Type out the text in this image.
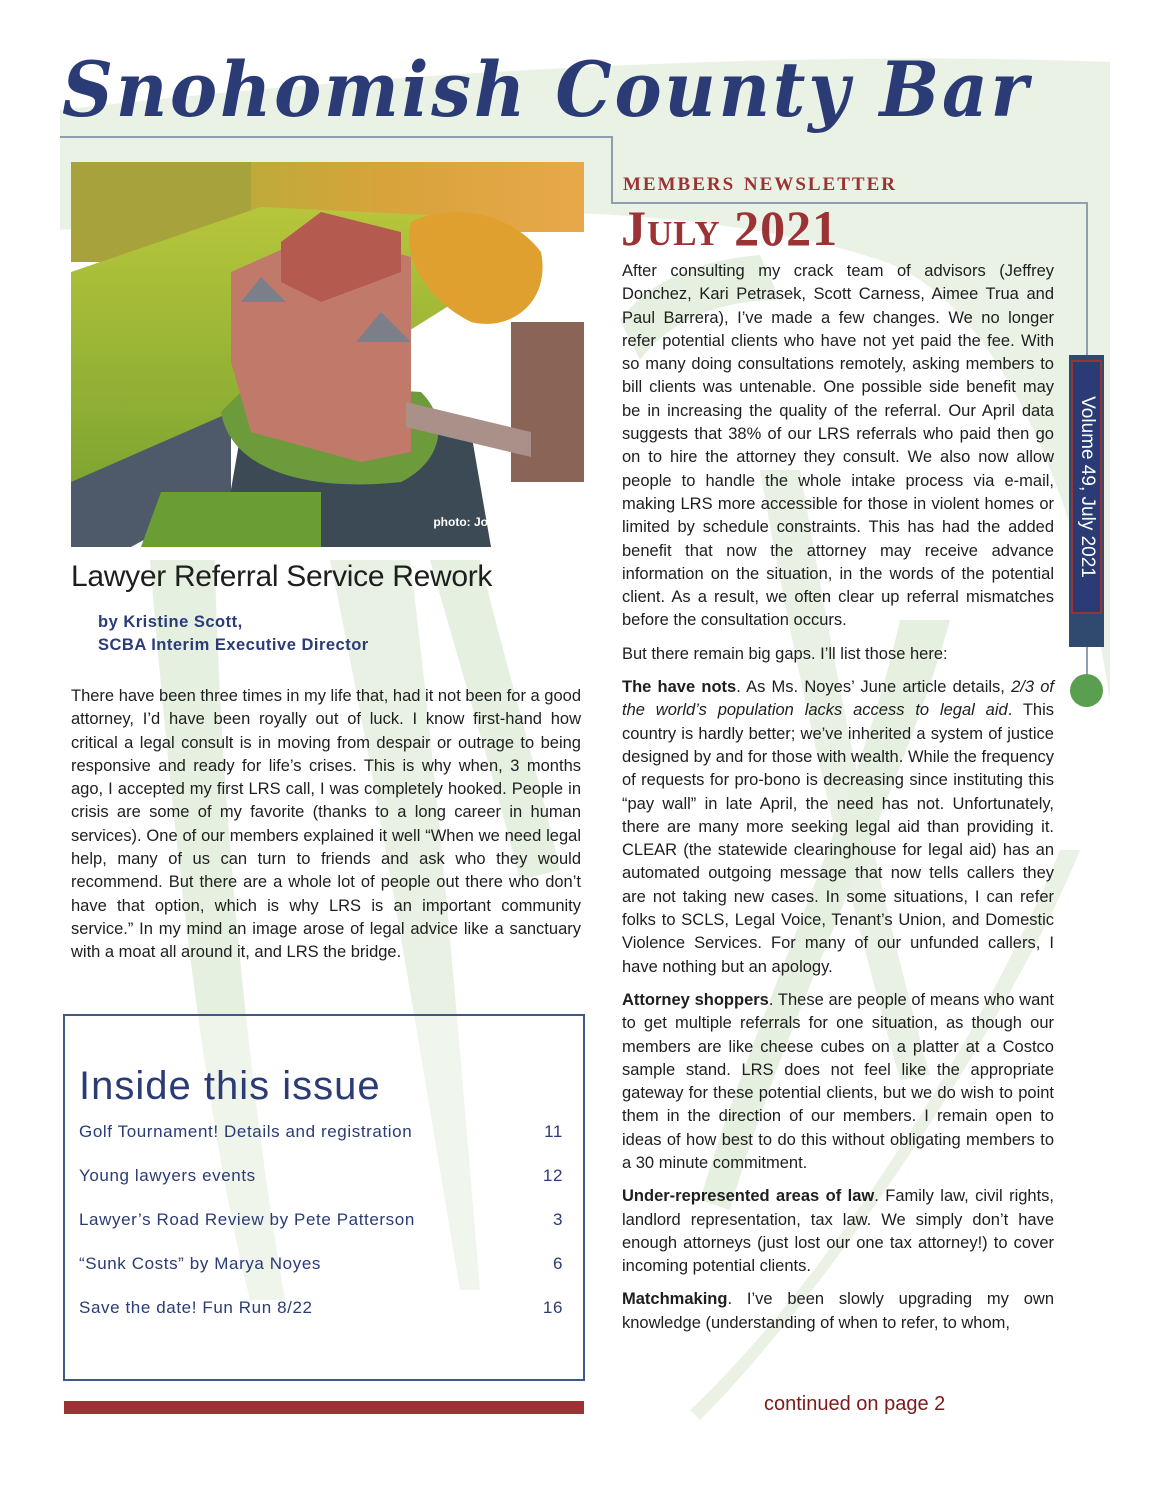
Snohomish County Bar
members newsletter
July 2021
Volume 49, July 2021
photo: Joran Quinton
Lawyer Referral Service Rework
by Kristine Scott,
SCBA Interim Executive Director

There have been three times in my life that, had it not been for a good attorney, I’d have been royally out of luck. I know first-hand how critical a legal consult is in moving from despair or outrage to being responsive and ready for life’s crises. This is why when, 3 months ago, I accepted my first LRS call, I was completely hooked. People in crisis are some of my favorite (thanks to a long career in human services). One of our members explained it well “When we need legal help, many of us can turn to friends and ask who they would recommend. But there are a whole lot of people out there who don’t have that option, which is why LRS is an important community service.” In my mind an image arose of legal advice like a sanctuary with a moat all around it, and LRS the bridge.

After consulting my crack team of advisors (Jeffrey Donchez, Kari Petrasek, Scott Carness, Aimee Trua and Paul Barrera), I’ve made a few changes. We no longer refer potential clients who have not yet paid the fee. With so many doing consultations remotely, asking members to bill clients was untenable. One possible side benefit may be in increasing the quality of the referral. Our April data suggests that 38% of our LRS referrals who paid then go on to hire the attorney they consult. We also now allow people to handle the whole intake process via e-mail, making LRS more accessible for those in violent homes or limited by schedule constraints. This has had the added benefit that now the attorney may receive advance information on the situation, in the words of the potential client. As a result, we often clear up referral mismatches before the consultation occurs.

But there remain big gaps. I’ll list those here:

The have nots. As Ms. Noyes’ June article details, 2/3 of the world’s population lacks access to legal aid. This country is hardly better; we’ve inherited a system of justice designed by and for those with wealth. While the frequency of requests for pro-bono is decreasing since instituting this “pay wall” in late April, the need has not. Unfortunately, there are many more seeking legal aid than providing it. CLEAR (the statewide clearinghouse for legal aid) has an automated outgoing message that now tells callers they are not taking new cases. In some situations, I can refer folks to SCLS, Legal Voice, Tenant’s Union, and Domestic Violence Services. For many of our unfunded callers, I have nothing but an apology.

Attorney shoppers. These are people of means who want to get multiple referrals for one situation, as though our members are like cheese cubes on a platter at a Costco sample stand. LRS does not feel like the appropriate gateway for these potential clients, but we do wish to point them in the direction of our members. I remain open to ideas of how best to do this without obligating members to a 30 minute commitment.

Under-represented areas of law. Family law, civil rights, landlord representation, tax law. We simply don’t have enough attorneys (just lost our one tax attorney!) to cover incoming potential clients.

Matchmaking. I’ve been slowly upgrading my own knowledge (understanding of when to refer, to whom,

Inside this issue
Golf Tournament! Details and registration	11
Young lawyers events	12
Lawyer’s Road Review by Pete Patterson	3
“Sunk Costs” by Marya Noyes	6
Save the date! Fun Run 8/22	16
continued on page 2
